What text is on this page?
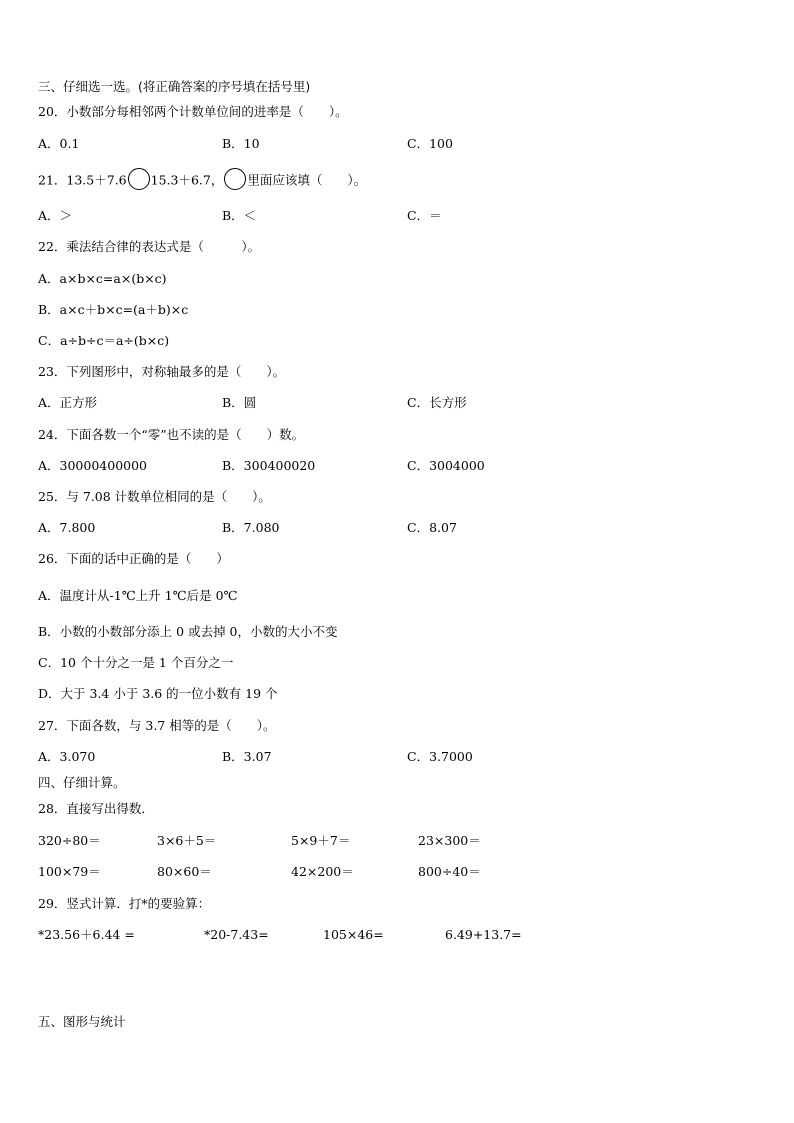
三、仔细选一选。(将正确答案的序号填在括号里)
20．小数部分每相邻两个计数单位间的进率是（　　）。
A．0.1	B．10	C．100
21．13.5＋7.6 15.3＋6.7， 里面应该填（　　）。
A．＞	B．＜	C．＝
22．乘法结合律的表达式是（　　　）。
A．a×b×c=a×(b×c)
B．a×c＋b×c=(a＋b)×c
C．a÷b÷c＝a÷(b×c)
23．下列图形中，对称轴最多的是（　　）。
A．正方形	B．圆	C．长方形
24．下面各数一个“零”也不读的是（　　）数。
A．30000400000	B．300400020	C．3004000
25．与 7.08 计数单位相同的是（　　）。
A．7.800	B．7.080	C．8.07
26．下面的话中正确的是（　　）
A．温度计从-1℃上升 1℃后是 0℃
B．小数的小数部分添上 0 或去掉 0，小数的大小不变
C．10 个十分之一是 1 个百分之一
D．大于 3.4 小于 3.6 的一位小数有 19 个
27．下面各数，与 3.7 相等的是（　　）。
A．3.070	B．3.07	C．3.7000
四、仔细计算。
28．直接写出得数．
320÷80＝	3×6＋5＝	5×9＋7＝	23×300＝
100×79＝	80×60＝	42×200＝	800÷40＝
29．竖式计算．打*的要验算：
*23.56＋6.44 =	*20-7.43=	105×46=	6.49+13.7=
五、图形与统计
